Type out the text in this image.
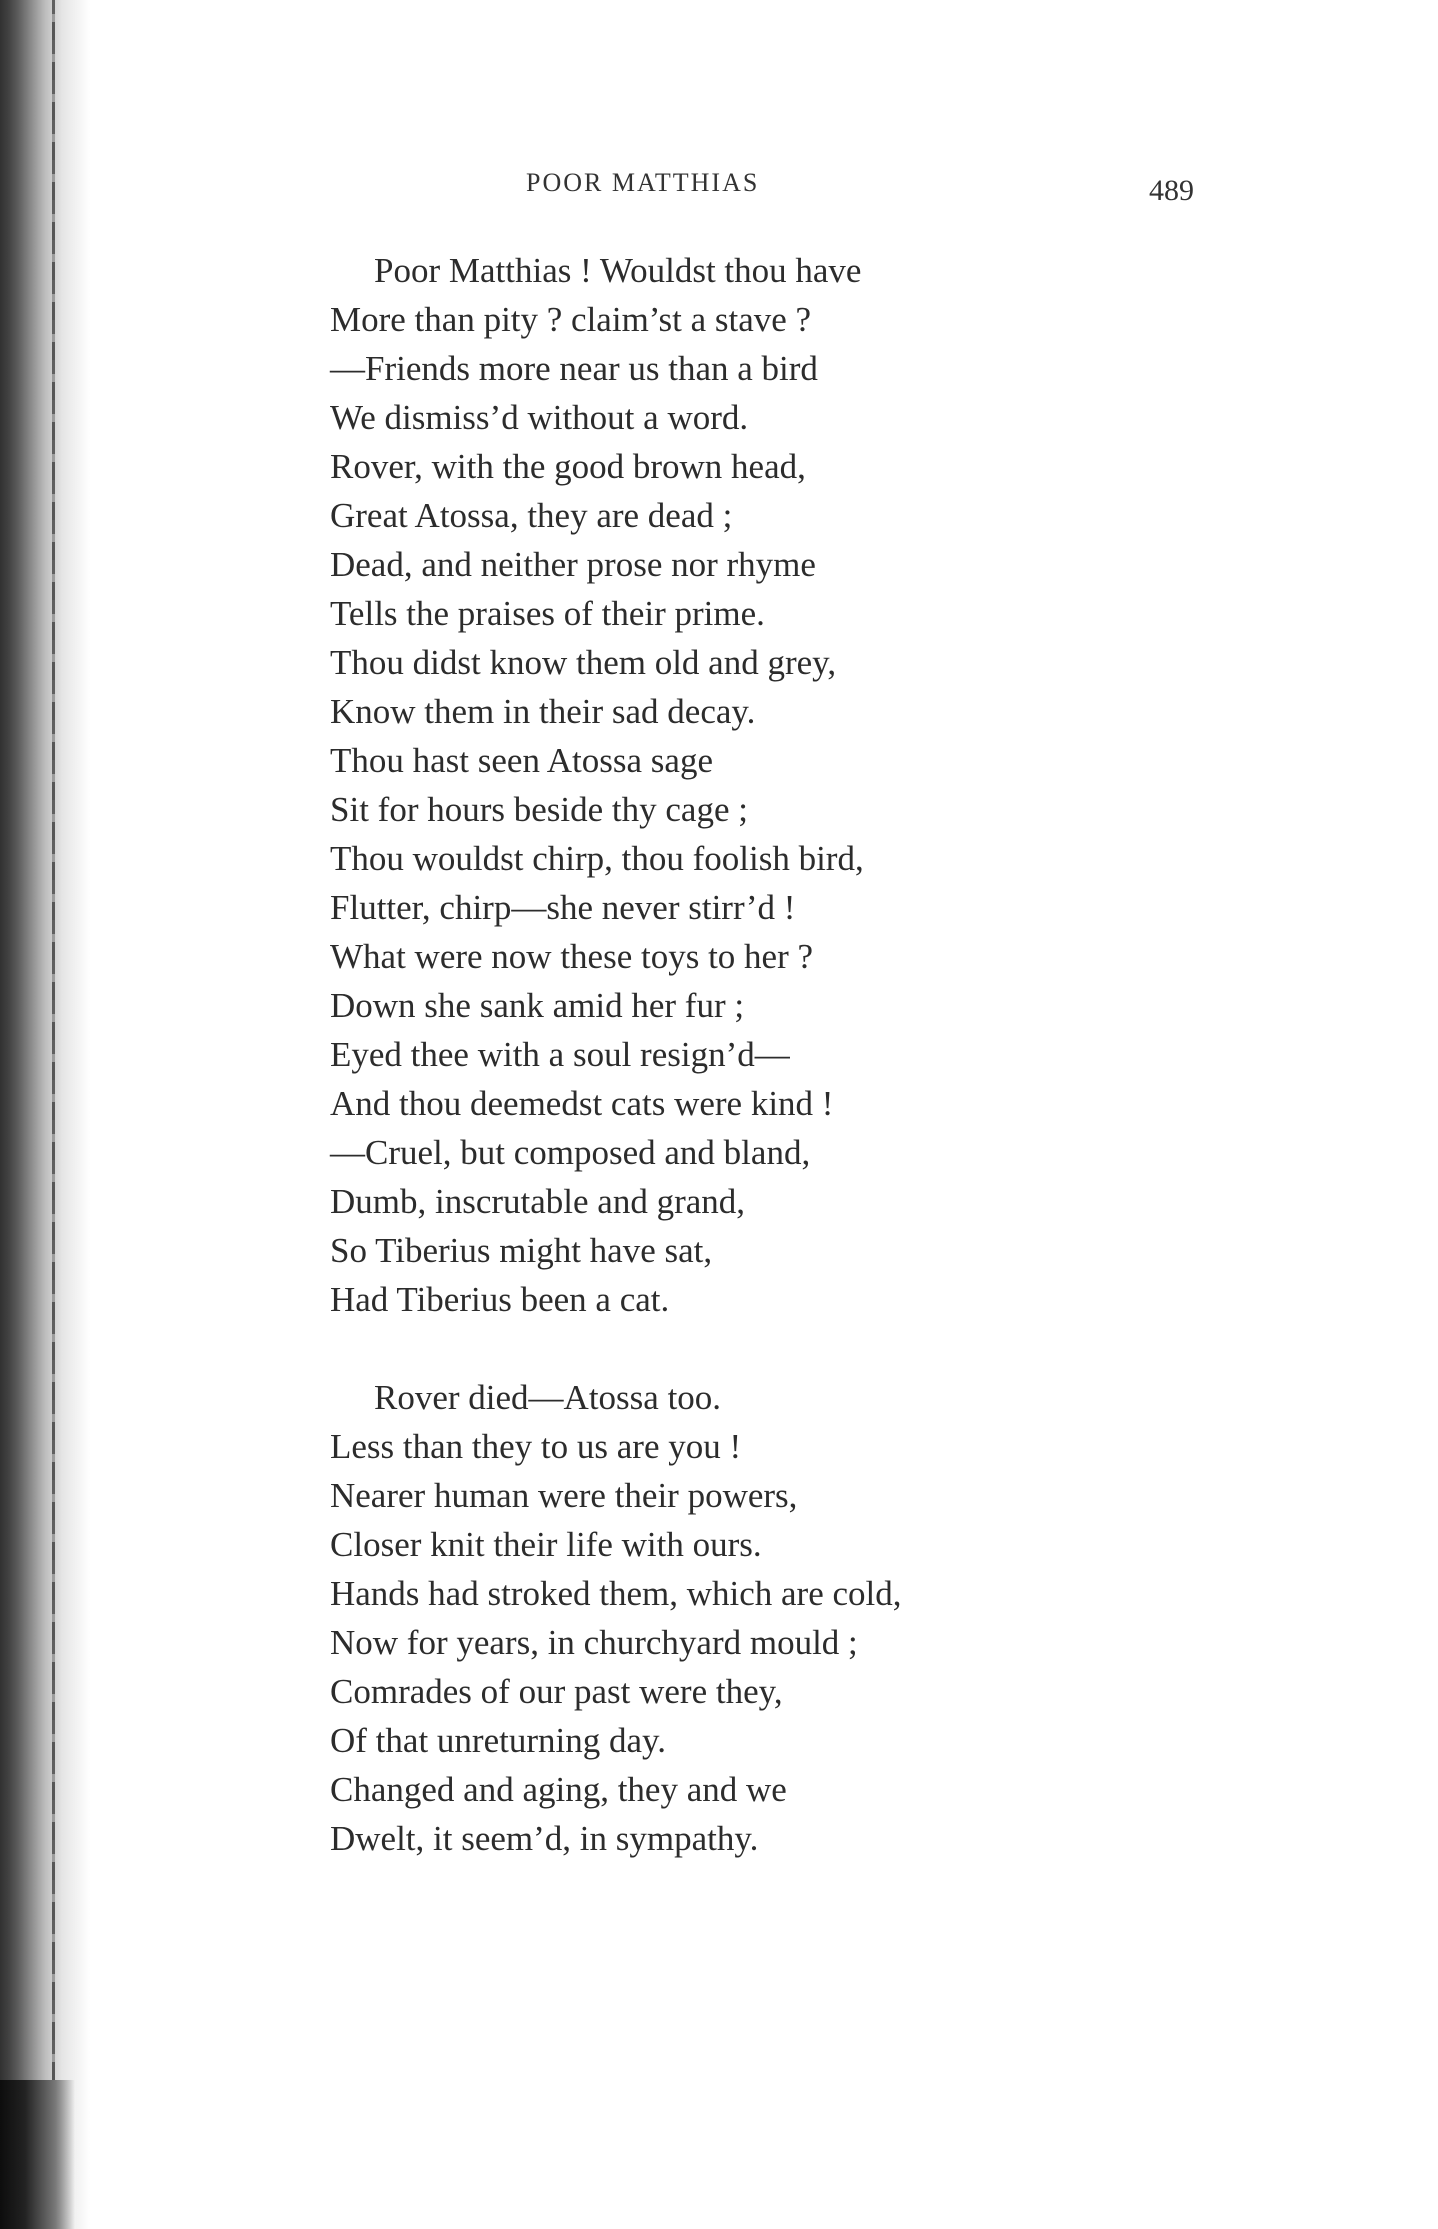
POOR MATTHIAS	489
Poor Matthias ! Wouldst thou have
More than pity ? claim’st a stave ?
—Friends more near us than a bird
We dismiss’d without a word.
Rover, with the good brown head,
Great Atossa, they are dead ;
Dead, and neither prose nor rhyme
Tells the praises of their prime.
Thou didst know them old and grey,
Know them in their sad decay.
Thou hast seen Atossa sage
Sit for hours beside thy cage ;
Thou wouldst chirp, thou foolish bird,
Flutter, chirp—she never stirr’d !
What were now these toys to her ?
Down she sank amid her fur ;
Eyed thee with a soul resign’d—
And thou deemedst cats were kind !
—Cruel, but composed and bland,
Dumb, inscrutable and grand,
So Tiberius might have sat,
Had Tiberius been a cat.
Rover died—Atossa too.
Less than they to us are you !
Nearer human were their powers,
Closer knit their life with ours.
Hands had stroked them, which are cold,
Now for years, in churchyard mould ;
Comrades of our past were they,
Of that unreturning day.
Changed and aging, they and we
Dwelt, it seem’d, in sympathy.
